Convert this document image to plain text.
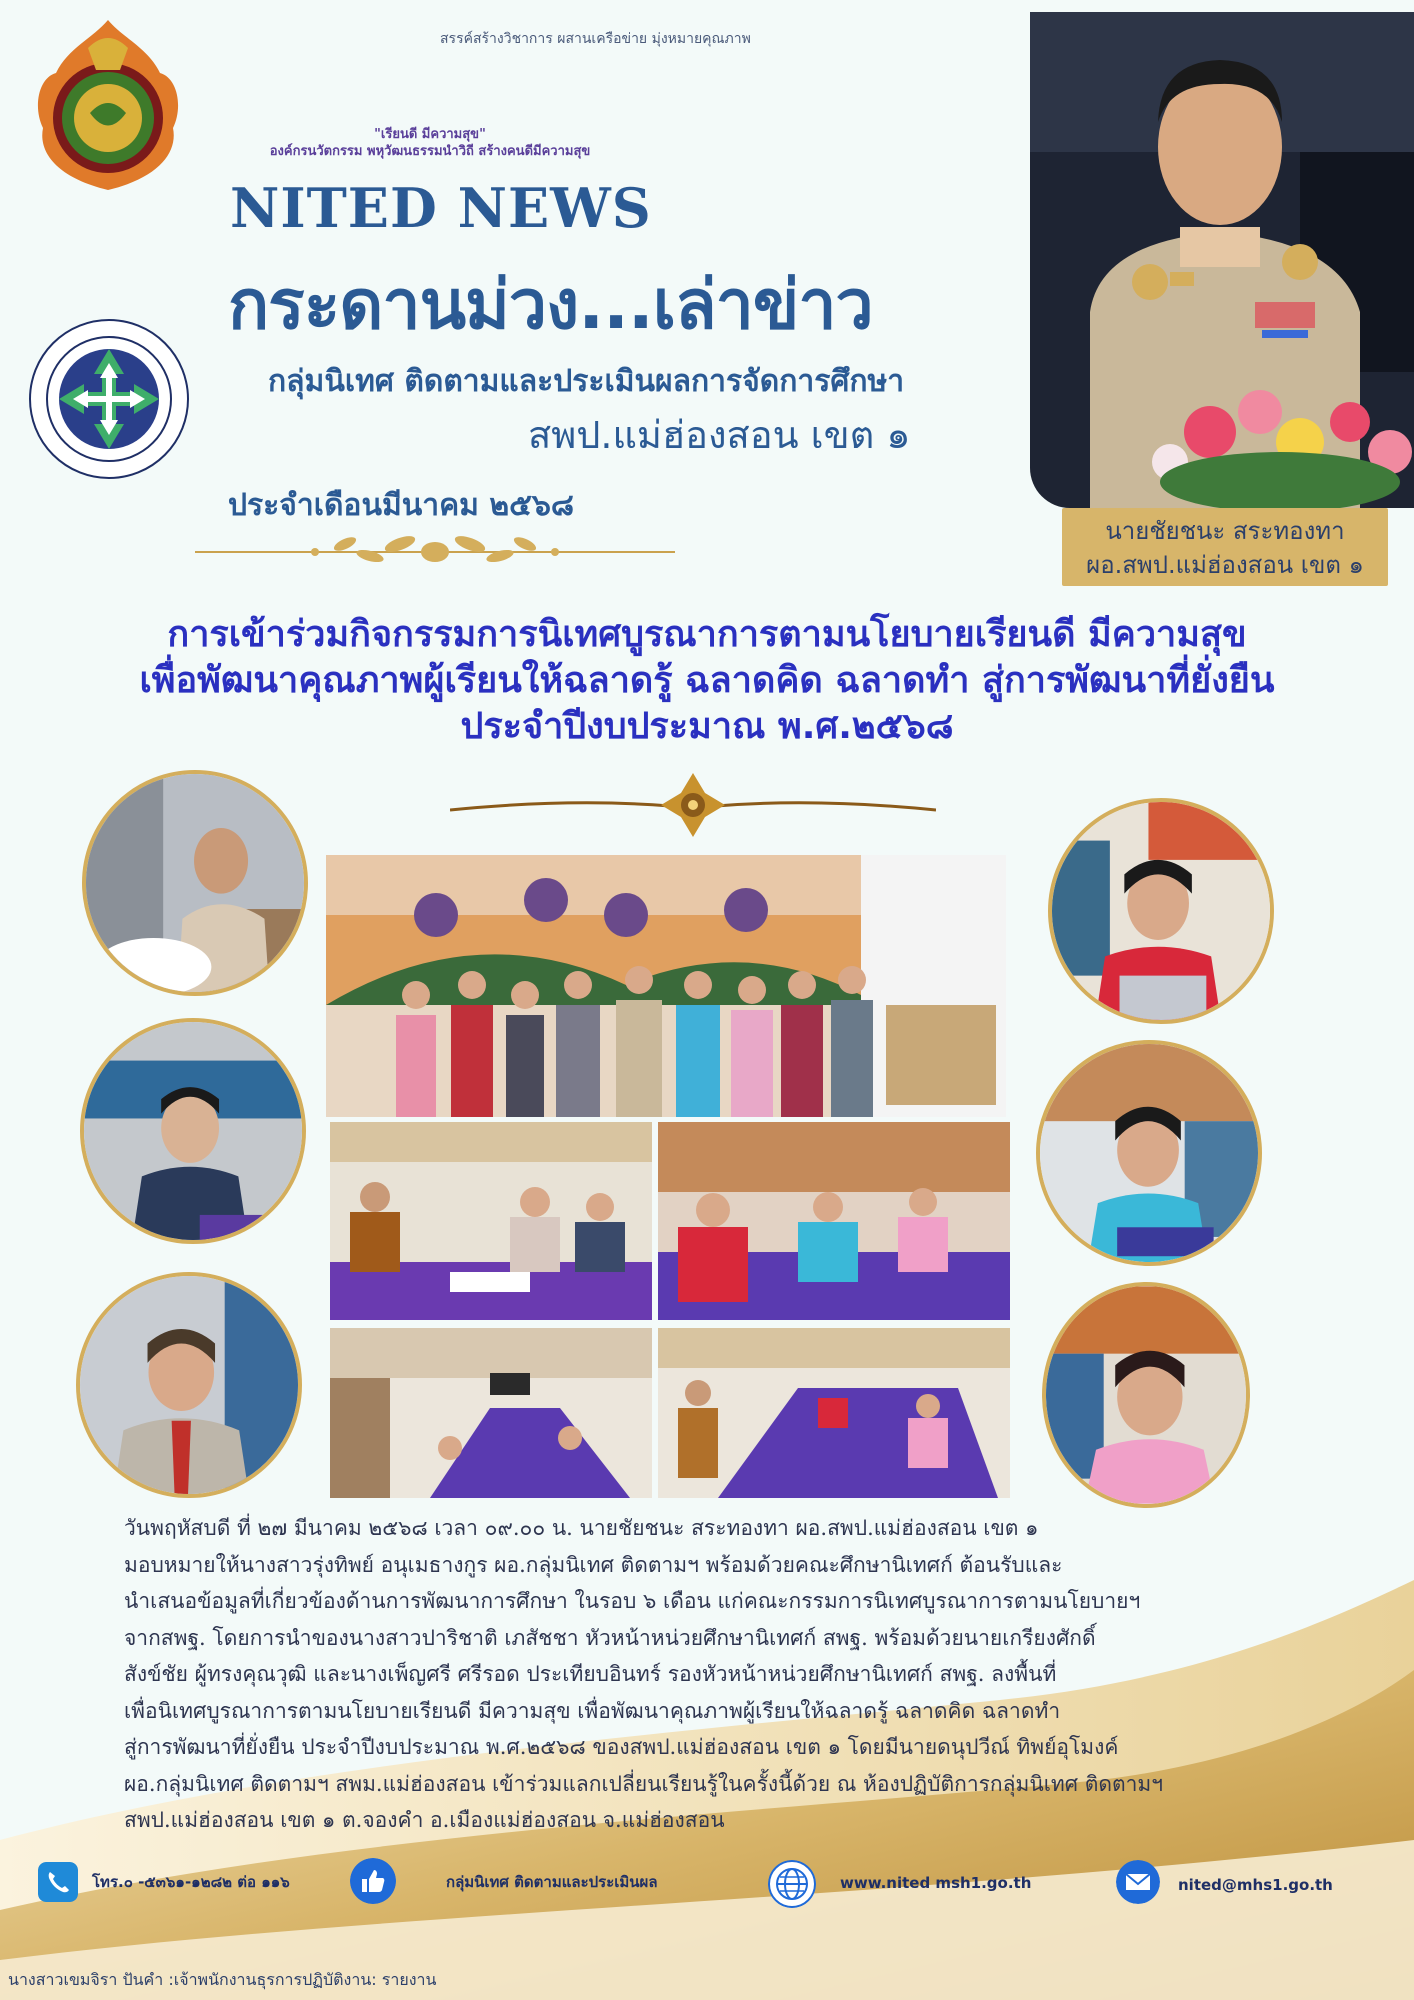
สรรค์สร้างวิชาการ ผสานเครือข่าย มุ่งหมายคุณภาพ
"เรียนดี มีความสุข"
องค์กรนวัตกรรม พหุวัฒนธรรมนำวิถี สร้างคนดีมีความสุข
NITED NEWS
กระดานม่วง...เล่าข่าว
กลุ่มนิเทศ ติดตามและประเมินผลการจัดการศึกษา
สพป.แม่ฮ่องสอน เขต ๑
ประจำเดือนมีนาคม ๒๕๖๘
นายชัยชนะ สระทองทา
ผอ.สพป.แม่ฮ่องสอน เขต ๑
การเข้าร่วมกิจกรรมการนิเทศบูรณาการตามนโยบายเรียนดี มีความสุข
เพื่อพัฒนาคุณภาพผู้เรียนให้ฉลาดรู้ ฉลาดคิด ฉลาดทำ สู่การพัฒนาที่ยั่งยืน
ประจำปีงบประมาณ พ.ศ.๒๕๖๘
วันพฤหัสบดี ที่ ๒๗ มีนาคม ๒๕๖๘ เวลา ๐๙.๐๐ น. นายชัยชนะ สระทองทา ผอ.สพป.แม่ฮ่องสอน เขต ๑
มอบหมายให้นางสาวรุ่งทิพย์ อนุเมธางกูร ผอ.กลุ่มนิเทศ ติดตามฯ พร้อมด้วยคณะศึกษานิเทศก์ ต้อนรับและ
นำเสนอข้อมูลที่เกี่ยวข้องด้านการพัฒนาการศึกษา ในรอบ ๖ เดือน แก่คณะกรรมการนิเทศบูรณาการตามนโยบายฯ
จากสพฐ. โดยการนำของนางสาวปาริชาติ เภสัชชา หัวหน้าหน่วยศึกษานิเทศก์ สพฐ. พร้อมด้วยนายเกรียงศักดิ์
สังข์ชัย ผู้ทรงคุณวุฒิ และนางเพ็ญศรี ศรีรอด ประเทียบอินทร์ รองหัวหน้าหน่วยศึกษานิเทศก์ สพฐ. ลงพื้นที่
เพื่อนิเทศบูรณาการตามนโยบายเรียนดี มีความสุข เพื่อพัฒนาคุณภาพผู้เรียนให้ฉลาดรู้ ฉลาดคิด ฉลาดทำ
สู่การพัฒนาที่ยั่งยืน ประจำปีงบประมาณ พ.ศ.๒๕๖๘ ของสพป.แม่ฮ่องสอน เขต ๑ โดยมีนายดนุปวีณ์ ทิพย์อุโมงค์
ผอ.กลุ่มนิเทศ ติดตามฯ สพม.แม่ฮ่องสอน เข้าร่วมแลกเปลี่ยนเรียนรู้ในครั้งนี้ด้วย ณ ห้องปฏิบัติการกลุ่มนิเทศ ติดตามฯ
สพป.แม่ฮ่องสอน เขต ๑ ต.จองคำ อ.เมืองแม่ฮ่องสอน จ.แม่ฮ่องสอน
โทร.๐ -๕๓๖๑-๑๒๘๒ ต่อ ๑๑๖	กลุ่มนิเทศ ติดตามและประเมินผล	www.nited msh1.go.th	nited@mhs1.go.th
นางสาวเขมจิรา ปันคำ :เจ้าพนักงานธุรการปฏิบัติงาน: รายงาน
